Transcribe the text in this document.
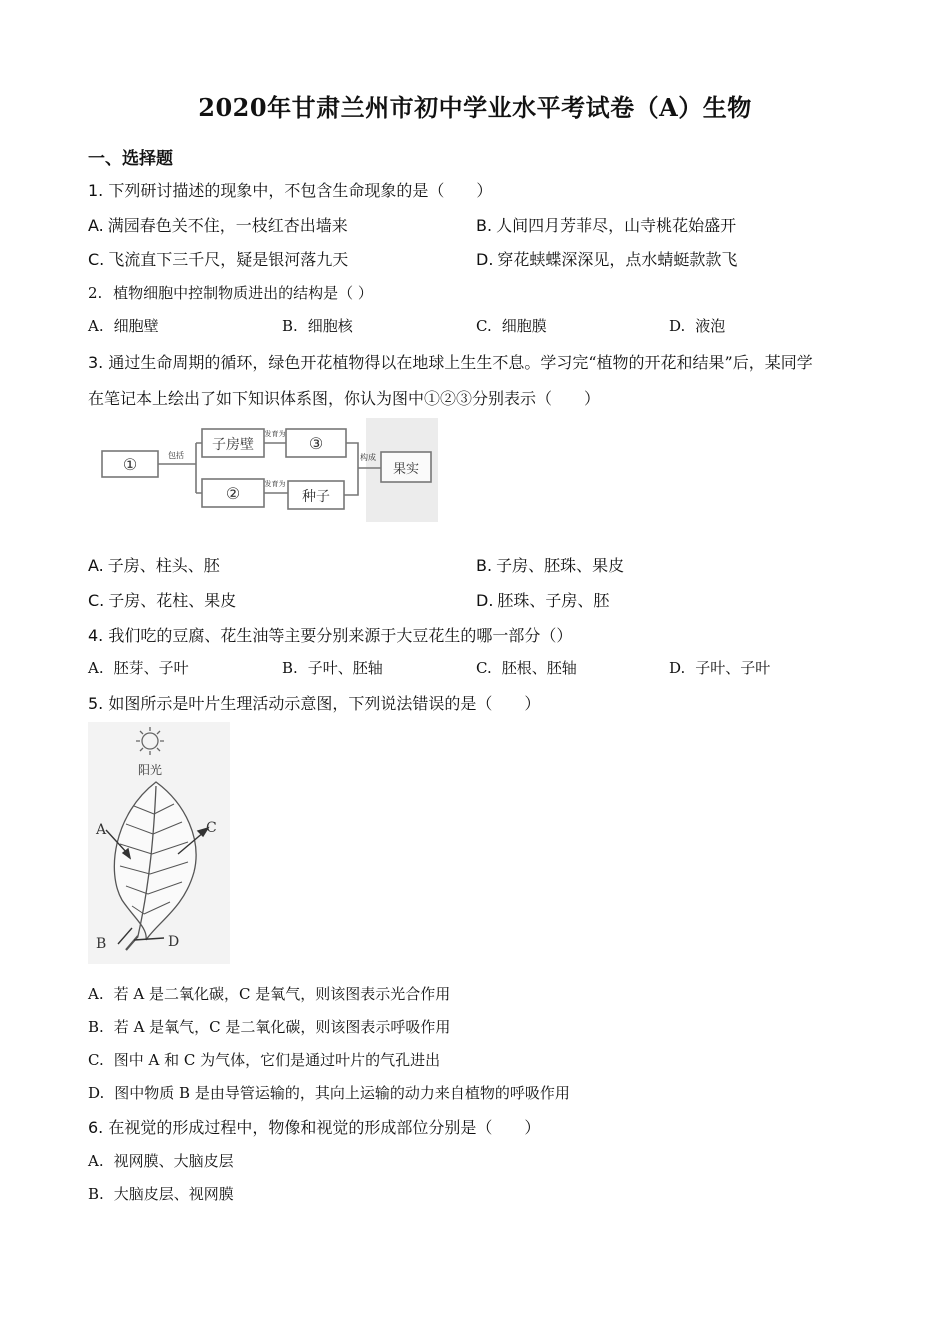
2020年甘肃兰州市初中学业水平考试卷（A）生物
一、选择题
1. 下列研讨描述的现象中，不包含生命现象的是（　　）
A. 满园春色关不住，一枝红杏出墙来	B. 人间四月芳菲尽，山寺桃花始盛开
C. 飞流直下三千尺，疑是银河落九天	D. 穿花蛱蝶深深见，点水蜻蜓款款飞
2. 植物细胞中控制物质进出的结构是（ ）
A. 细胞壁	B. 细胞核	C. 细胞膜	D. 液泡
3. 通过生命周期的循环，绿色开花植物得以在地球上生生不息。学习完“植物的开花和结果”后，某同学
在笔记本上绘出了如下知识体系图，你认为图中①②③分别表示（　　）
①
子房壁	③
②	种子
果实
包括
发育为
发育为
构成
A. 子房、柱头、胚	B. 子房、胚珠、果皮
C. 子房、花柱、果皮	D. 胚珠、子房、胚
4. 我们吃的豆腐、花生油等主要分别来源于大豆花生的哪一部分（）
A. 胚芽、子叶	B. 子叶、胚轴	C. 胚根、胚轴	D. 子叶、子叶
5. 如图所示是叶片生理活动示意图，下列说法错误的是（　　）
阳光
A	C
B	D
A. 若 A 是二氧化碳，C 是氧气，则该图表示光合作用
B. 若 A 是氧气，C 是二氧化碳，则该图表示呼吸作用
C. 图中 A 和 C 为气体，它们是通过叶片的气孔进出
D. 图中物质 B 是由导管运输的，其向上运输的动力来自植物的呼吸作用
6. 在视觉的形成过程中，物像和视觉的形成部位分别是（　　）
A. 视网膜、大脑皮层
B. 大脑皮层、视网膜
